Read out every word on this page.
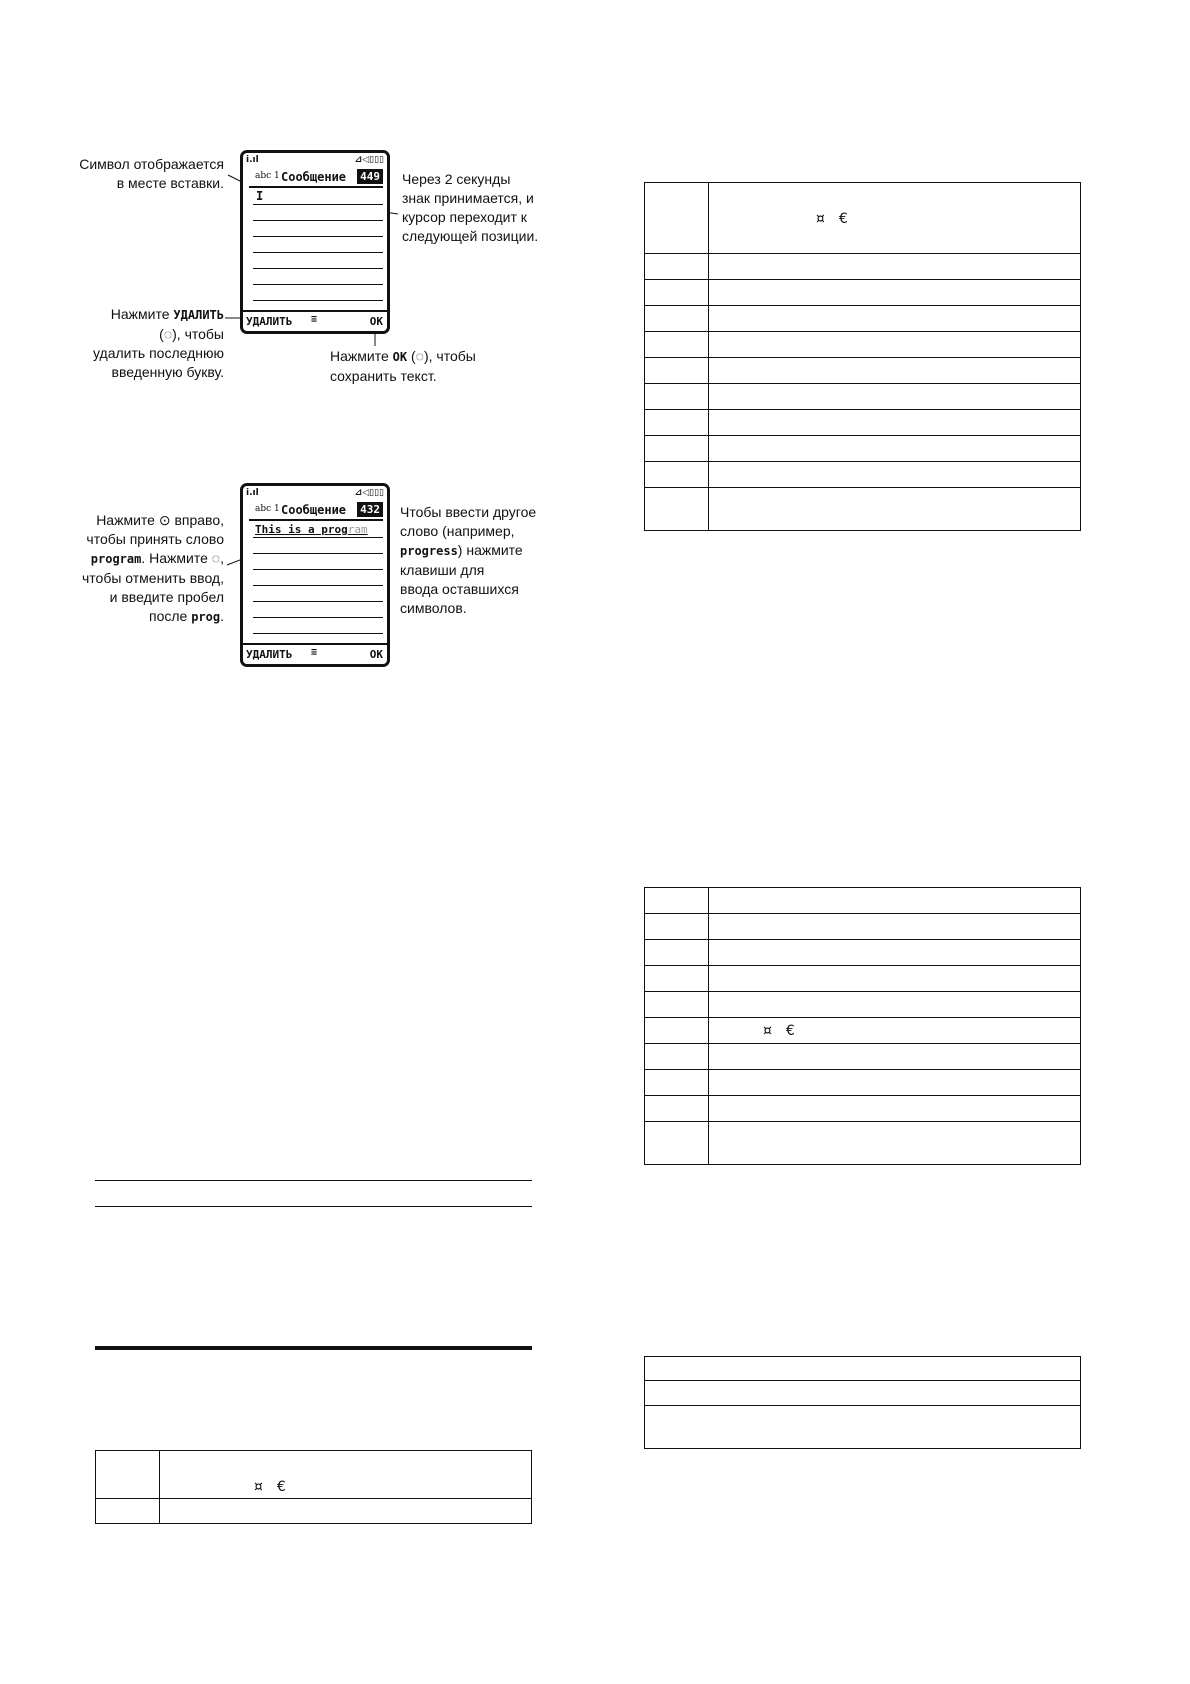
Символ отображается
в месте вставки.
Нажмите УДАЛИТЬ
(◌), чтобы
удалить последнюю
введенную букву.
Через 2 секунды
знак принимается, и
курсор переходит к
следующей позиции.
Нажмите OK (◌), чтобы
сохранить текст.
ⅰ.ıl	⊿◁▯▯▯
abc 1 Сообщение 449
I
УДАЛИТЬ ≡	OK
Нажмите ⊙ вправо,
чтобы принять слово
program. Нажмите ◌,
чтобы отменить ввод,
и введите пробел
после prog.
Чтобы ввести другое
слово (например,
progress) нажмите
клавиши для
ввода оставшихся
символов.
ⅰ.ıl	⊿◁▯▯▯
abc 1 Сообщение 432
This is a program
УДАЛИТЬ ≡	OK
	¤ €

	¤ €

	¤ €
